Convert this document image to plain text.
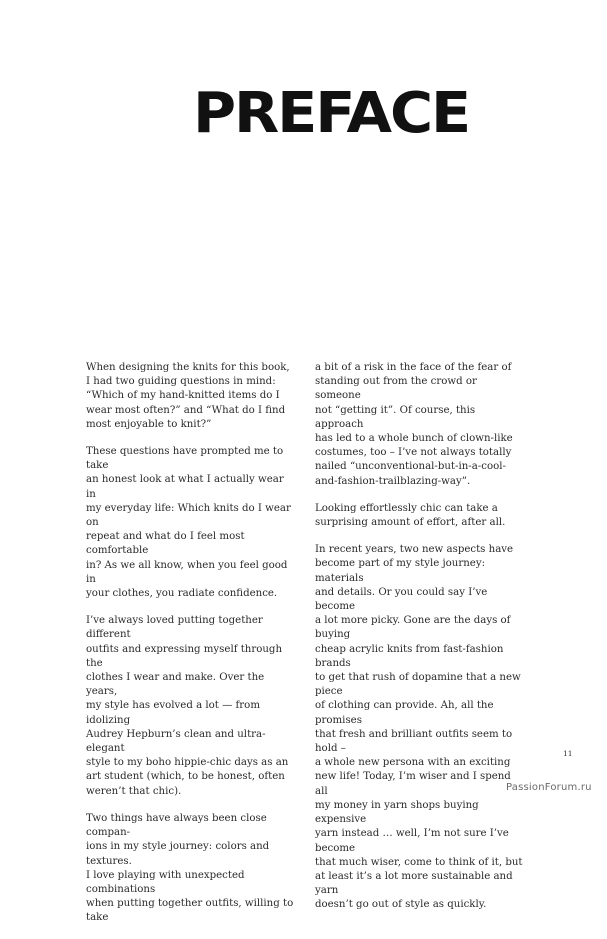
PREFACE

When designing the knits for this book,
I had two guiding questions in mind:
“Which of my hand-knitted items do I
wear most often?” and “What do I find
most enjoyable to knit?”

These questions have prompted me to take
an honest look at what I actually wear in
my everyday life: Which knits do I wear on
repeat and what do I feel most comfortable
in? As we all know, when you feel good in
your clothes, you radiate confidence.

I’ve always loved putting together different
outfits and expressing myself through the
clothes I wear and make. Over the years,
my style has evolved a lot — from idolizing
Audrey Hepburn’s clean and ultra-elegant
style to my boho hippie-chic days as an
art student (which, to be honest, often
weren’t that chic).

Two things have always been close compan-
ions in my style journey: colors and textures.
I love playing with unexpected combinations
when putting together outfits, willing to take

a bit of a risk in the face of the fear of
standing out from the crowd or someone
not “getting it”. Of course, this approach
has led to a whole bunch of clown-like
costumes, too – I’ve not always totally
nailed “unconventional-but-in-a-cool-
and-fashion-trailblazing-way”.

Looking effortlessly chic can take a
surprising amount of effort, after all.

In recent years, two new aspects have
become part of my style journey: materials
and details. Or you could say I’ve become
a lot more picky. Gone are the days of buying
cheap acrylic knits from fast-fashion brands
to get that rush of dopamine that a new piece
of clothing can provide. Ah, all the promises
that fresh and brilliant outfits seem to hold –
a whole new persona with an exciting
new life! Today, I’m wiser and I spend all
my money in yarn shops buying expensive
yarn instead … well, I’m not sure I’ve become
that much wiser, come to think of it, but
at least it’s a lot more sustainable and yarn
doesn’t go out of style as quickly.

11
PassionForum.ru
